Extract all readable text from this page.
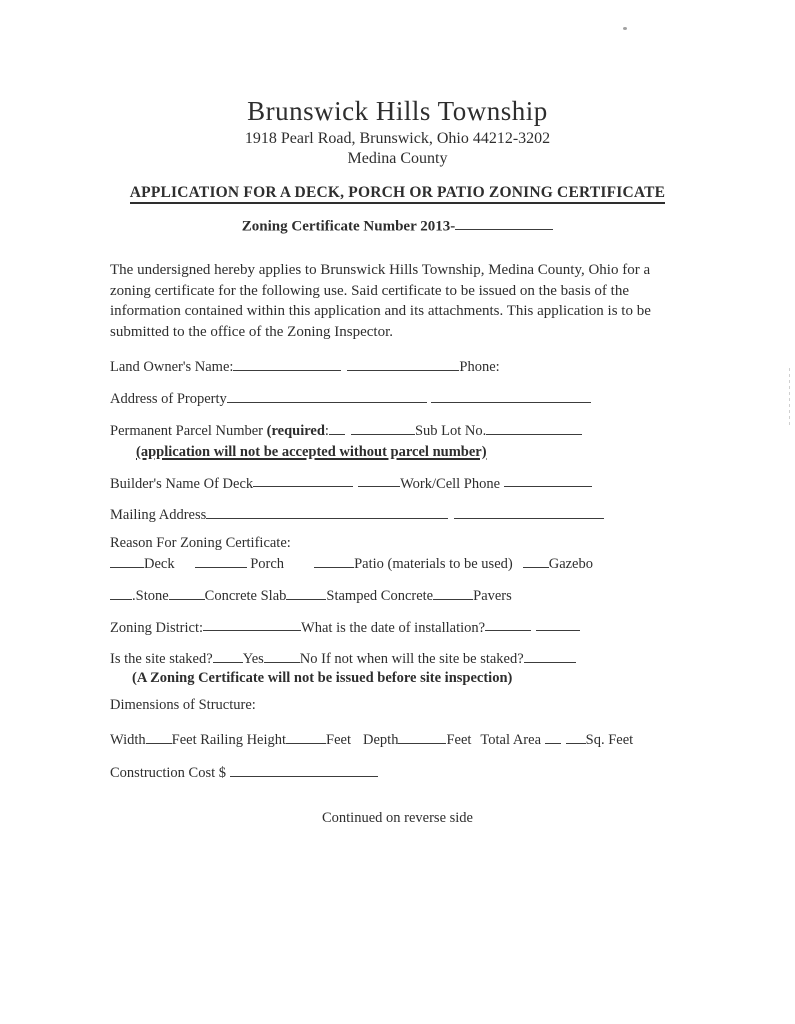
Brunswick Hills Township
1918 Pearl Road, Brunswick, Ohio 44212-3202
Medina County
APPLICATION FOR A DECK, PORCH OR PATIO ZONING CERTIFICATE
Zoning Certificate Number 2013-

The undersigned hereby applies to Brunswick Hills Township, Medina County, Ohio for a zoning certificate for the following use. Said certificate to be issued on the basis of the information contained within this application and its attachments. This application is to be submitted to the office of the Zoning Inspector.

Land Owner's Name:	Phone:
Address of Property
Permanent Parcel Number (required:	Sub Lot No.
(application will not be accepted without parcel number)
Builder's Name Of Deck	Work/Cell Phone
Mailing Address
Reason For Zoning Certificate:
Deck	Porch	Patio (materials to be used) Gazebo
.Stone Concrete Slab	Stamped Concrete	Pavers
Zoning District:	What is the date of installation?
Is the site staked? Yes No If not when will the site be staked?
(A Zoning Certificate will not be issued before site inspection)
Dimensions of Structure:
Width Feet Railing Height	Feet Depth	Feet Total Area	Sq. Feet
Construction Cost $
Continued on reverse side
